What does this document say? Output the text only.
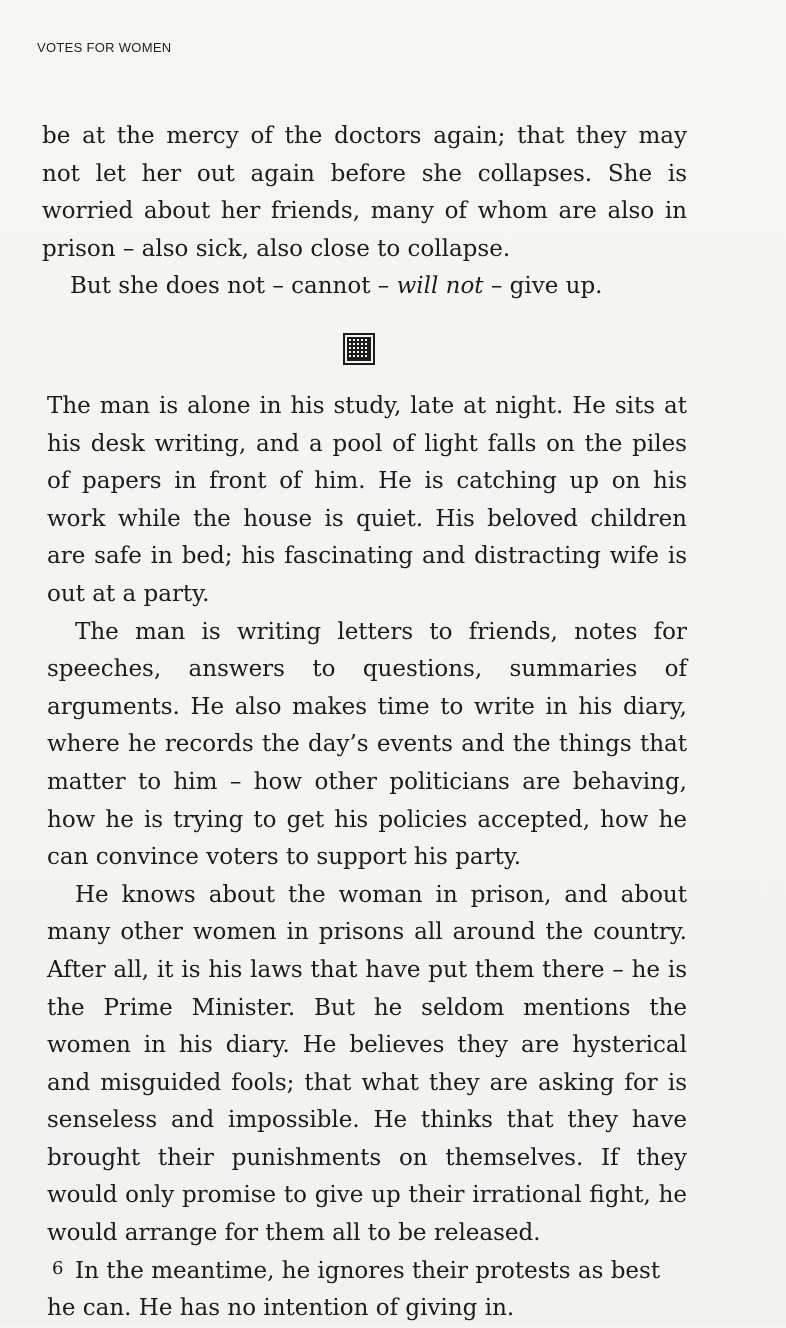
VOTES FOR WOMEN

be at the mercy of the doctors again; that they may not let her out again before she collapses. She is worried about her friends, many of whom are also in prison – also sick, also close to collapse.

But she does not – cannot – will not – give up.

The man is alone in his study, late at night. He sits at his desk writing, and a pool of light falls on the piles of papers in front of him. He is catching up on his work while the house is quiet. His beloved children are safe in bed; his fascinating and distracting wife is out at a party.

The man is writing letters to friends, notes for speeches, answers to questions, summaries of arguments. He also makes time to write in his diary, where he records the day’s events and the things that matter to him – how other politicians are behaving, how he is trying to get his policies accepted, how he can convince voters to support his party.

He knows about the woman in prison, and about many other women in prisons all around the country. After all, it is his laws that have put them there – he is the Prime Minister. But he seldom mentions the women in his diary. He believes they are hysterical and misguided fools; that what they are asking for is senseless and impossible. He thinks that they have brought their punishments on themselves. If they would only promise to give up their irrational fight, he would arrange for them all to be released.

In the meantime, he ignores their protests as best he can. He has no intention of giving in.

6
